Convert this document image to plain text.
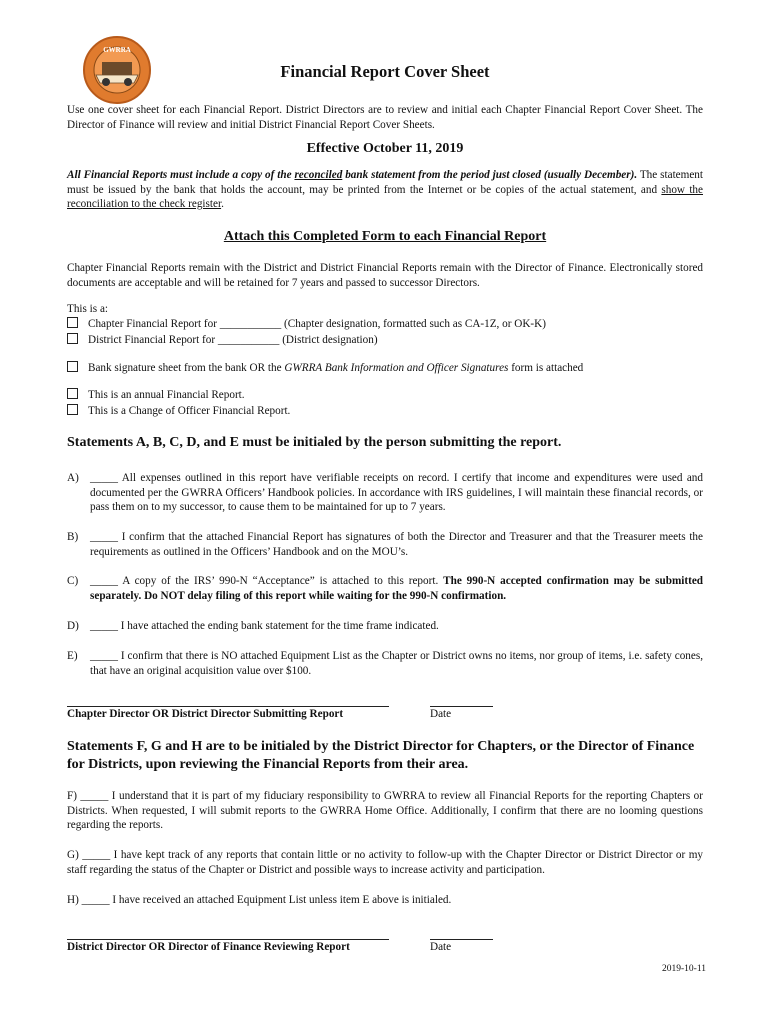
GWRRA
Financial Report Cover Sheet
Use one cover sheet for each Financial Report. District Directors are to review and initial each Chapter Financial Report Cover Sheet. The Director of Finance will review and initial District Financial Report Cover Sheets.
Effective October 11, 2019
All Financial Reports must include a copy of the reconciled bank statement from the period just closed (usually December). The statement must be issued by the bank that holds the account, may be printed from the Internet or be copies of the actual statement, and show the reconciliation to the check register.
Attach this Completed Form to each Financial Report
Chapter Financial Reports remain with the District and District Financial Reports remain with the Director of Finance. Electronically stored documents are acceptable and will be retained for 7 years and passed to successor Directors.
This is a:
Chapter Financial Report for ___________ (Chapter designation, formatted such as CA-1Z, or OK-K)
District Financial Report for ___________ (District designation)
Bank signature sheet from the bank OR the GWRRA Bank Information and Officer Signatures form is attached
This is an annual Financial Report.
This is a Change of Officer Financial Report.
Statements A, B, C, D, and E must be initialed by the person submitting the report.
A) _____ All expenses outlined in this report have verifiable receipts on record. I certify that income and expenditures were used and documented per the GWRRA Officers’ Handbook policies. In accordance with IRS guidelines, I will maintain these financial records, or pass them on to my successor, to cause them to be maintained for up to 7 years.
B) _____ I confirm that the attached Financial Report has signatures of both the Director and Treasurer and that the Treasurer meets the requirements as outlined in the Officers’ Handbook and on the MOU’s.
C) _____ A copy of the IRS’ 990-N “Acceptance” is attached to this report. The 990-N accepted confirmation may be submitted separately. Do NOT delay filing of this report while waiting for the 990-N confirmation.
D) _____ I have attached the ending bank statement for the time frame indicated.
E) _____ I confirm that there is NO attached Equipment List as the Chapter or District owns no items, nor group of items, i.e. safety cones, that have an original acquisition value over $100.
Chapter Director OR District Director Submitting Report	Date
Statements F, G and H are to be initialed by the District Director for Chapters, or the Director of Finance for Districts, upon reviewing the Financial Reports from their area.
F) _____ I understand that it is part of my fiduciary responsibility to GWRRA to review all Financial Reports for the reporting Chapters or Districts. When requested, I will submit reports to the GWRRA Home Office. Additionally, I confirm that there are no looming questions regarding the reports.
G) _____ I have kept track of any reports that contain little or no activity to follow-up with the Chapter Director or District Director or my staff regarding the status of the Chapter or District and possible ways to increase activity and participation.
H) _____ I have received an attached Equipment List unless item E above is initialed.
District Director OR Director of Finance Reviewing Report	Date
2019-10-11
